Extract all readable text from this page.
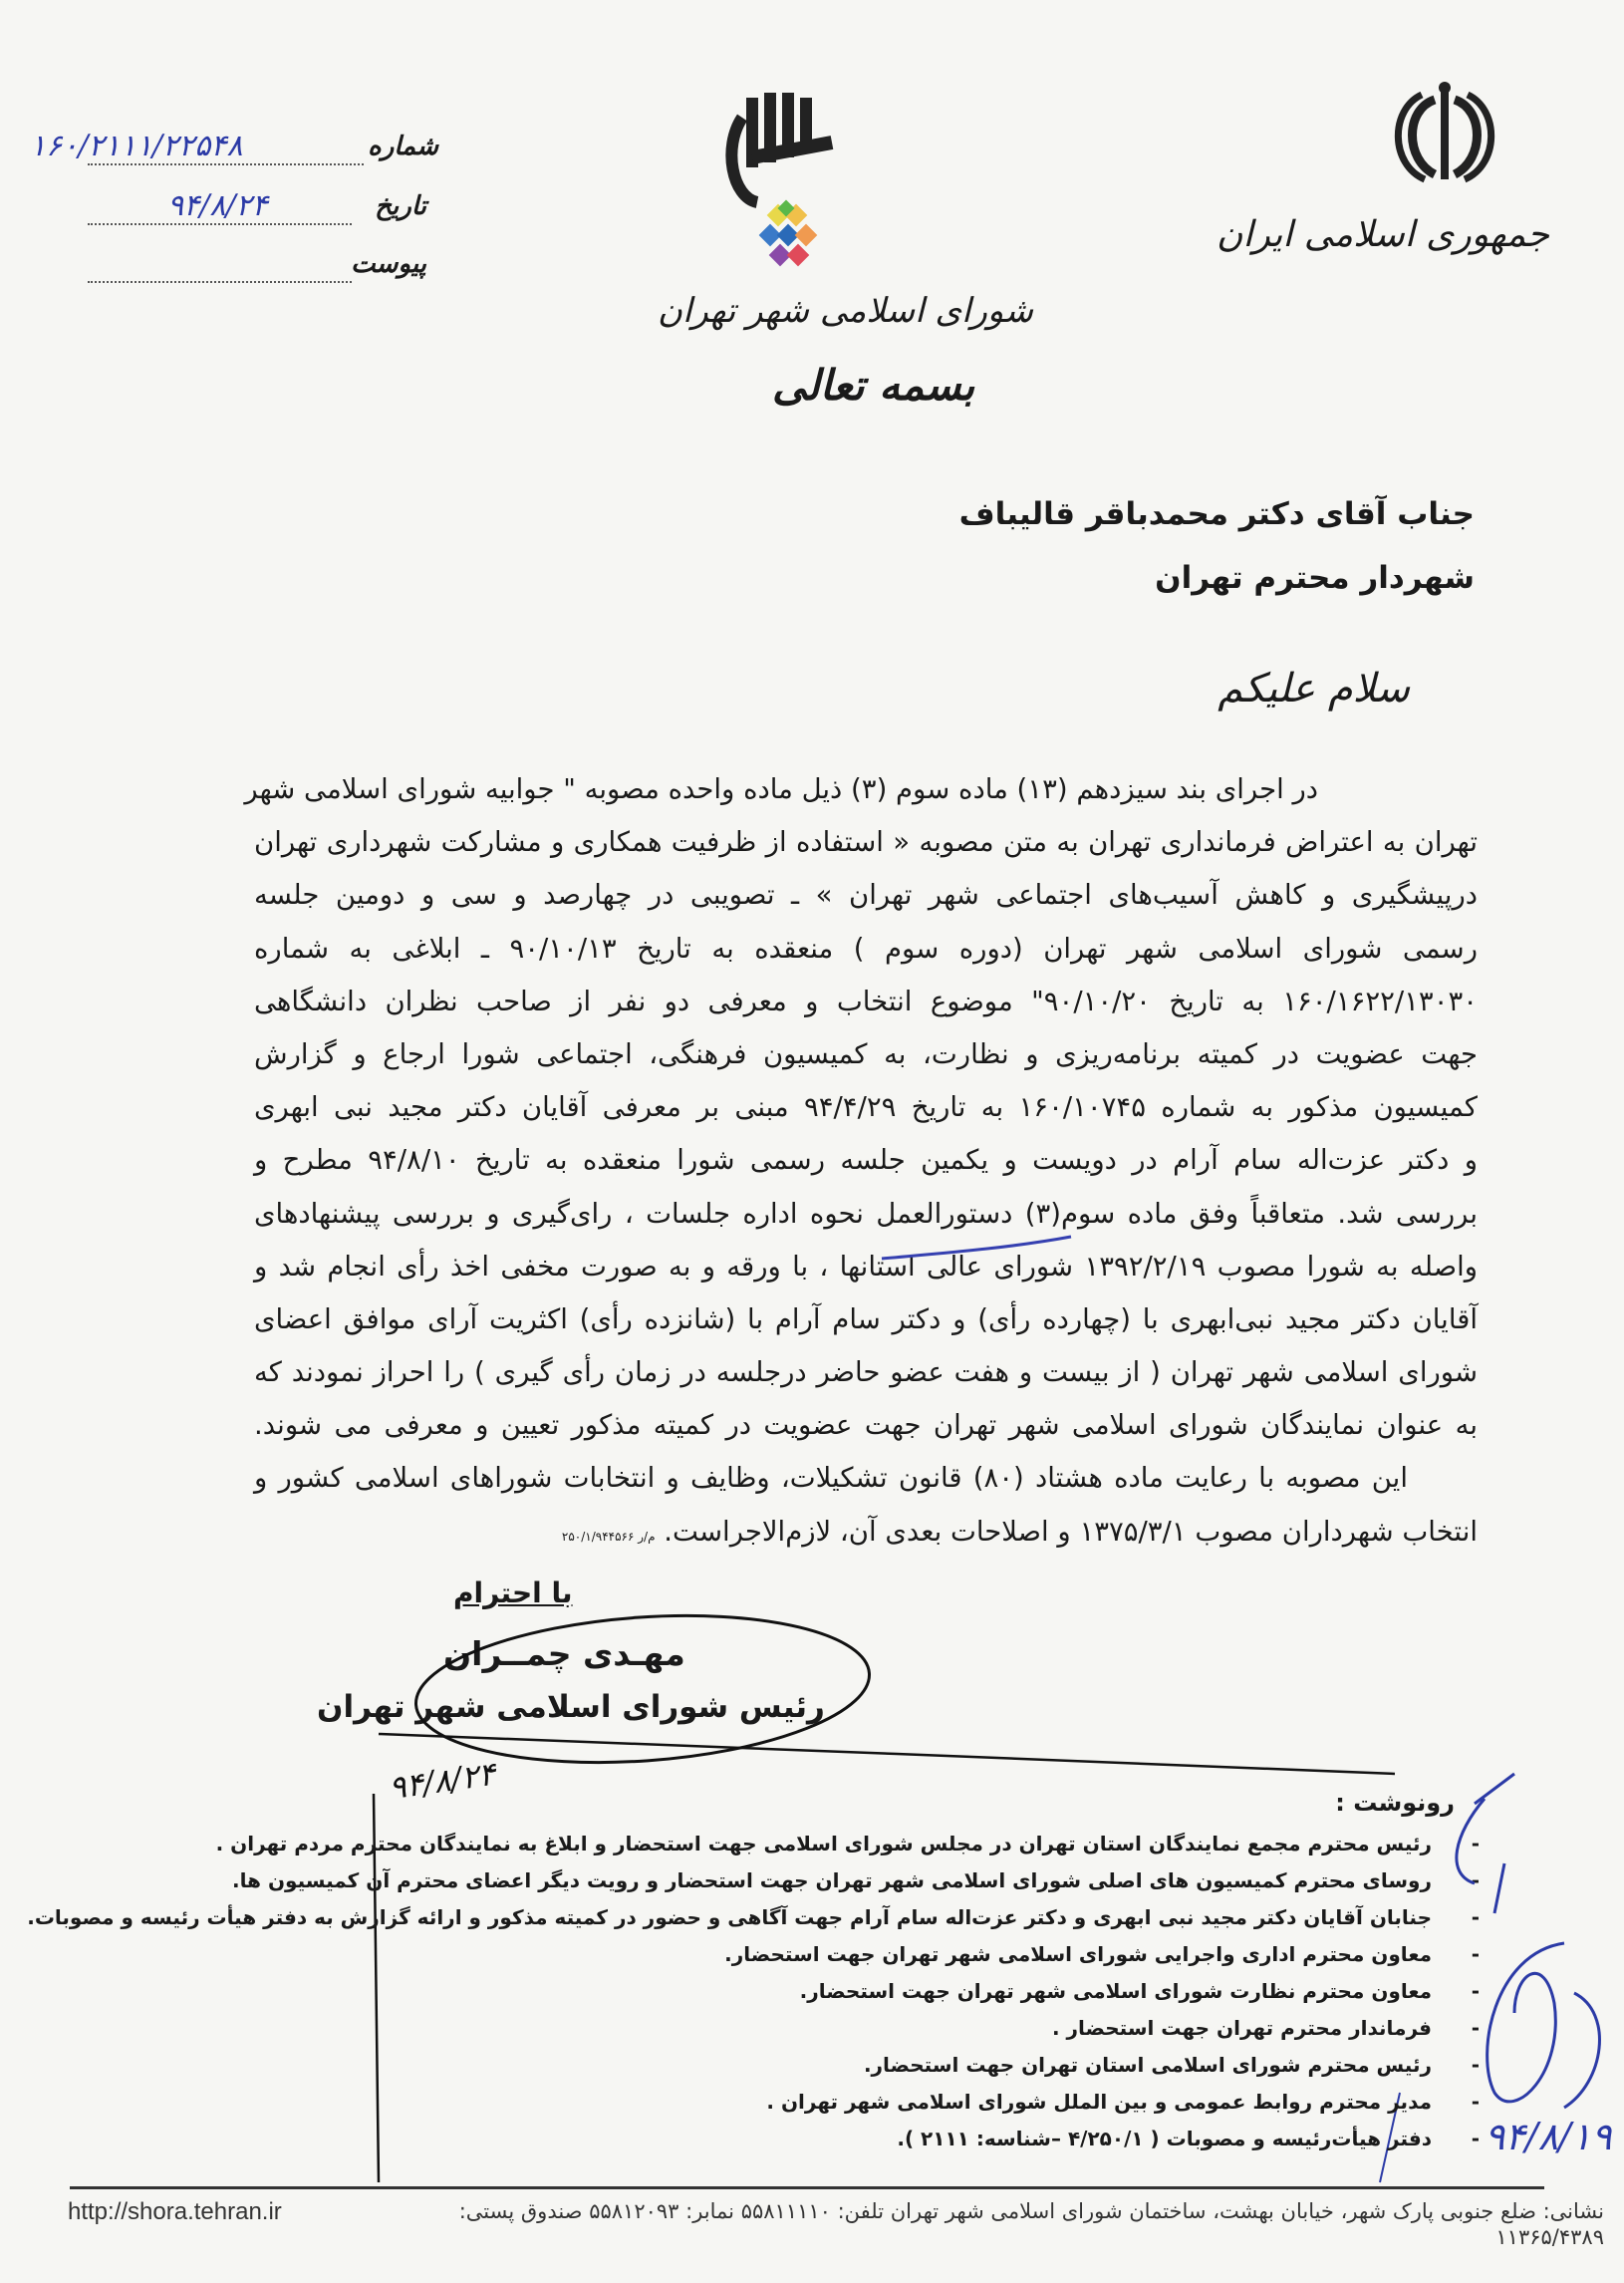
جمهوری اسلامی ایران
شورای اسلامی شهر تهران
بسمه تعالی
شماره
۱۶۰/۲۱۱۱/۲۲۵۴۸
تاریخ
۹۴/۸/۲۴
پیوست
جناب آقای دکتر محمدباقر قالیباف
شهردار محترم تهران
سلام علیکم
در اجرای بند سیزدهم (۱۳) ماده سوم (۳) ذیل ماده واحده مصوبه " جوابیه شورای اسلامی شهر
تهران به اعتراض فرمانداری تهران به متن مصوبه « استفاده از ظرفیت همکاری و مشارکت شهرداری تهران
درپیشگیری و کاهش آسیب‌های اجتماعی شهر تهران » ـ تصویبی در چهارصد و سی و دومین جلسه
رسمی شورای اسلامی شهر تهران (دوره سوم ) منعقده به تاریخ ۹۰/۱۰/۱۳ ـ ابلاغی به شماره
۱۶۰/۱۶۲۲/۱۳۰۳۰ به تاریخ ۹۰/۱۰/۲۰" موضوع انتخاب و معرفی دو نفر از صاحب نظران دانشگاهی
جهت عضویت در کمیته برنامه‌ریزی و نظارت، به کمیسیون فرهنگی، اجتماعی شورا ارجاع و گزارش
کمیسیون مذکور به شماره ۱۶۰/۱۰۷۴۵ به تاریخ ۹۴/۴/۲۹ مبنی بر معرفی آقایان دکتر مجید نبی ابهری
و دکتر عزت‌اله سام آرام در دویست و یکمین جلسه رسمی شورا منعقده به تاریخ ۹۴/۸/۱۰ مطرح و
بررسی شد. متعاقباً وفق ماده سوم(۳) دستورالعمل نحوه اداره جلسات ، رای‌گیری و بررسی پیشنهادهای
واصله به شورا مصوب ۱۳۹۲/۲/۱۹ شورای عالی استانها ، با ورقه و به صورت مخفی اخذ رأی انجام شد و
آقایان دکتر مجید نبی‌ابهری با (چهارده رأی) و دکتر سام آرام با (شانزده رأی) اکثریت آرای موافق اعضای
شورای اسلامی شهر تهران ( از بیست و هفت عضو حاضر درجلسه در زمان رأی گیری ) را احراز نمودند که
به عنوان نمایندگان شورای اسلامی شهر تهران جهت عضویت در کمیته مذکور تعیین و معرفی می شوند.
این مصوبه با رعایت ماده هشتاد (۸۰) قانون تشکیلات، وظایف و انتخابات شوراهای اسلامی کشور و
انتخاب شهرداران مصوب ۱۳۷۵/۳/۱ و اصلاحات بعدی آن، لازم‌الاجراست. م/ر ۲۵۰/۱/۹۴۴۵۶۶
با احترام
مهـدی چمــران
رئیس شورای اسلامی شهر تهران
۹۴/۸/۲۴	رونوشت :
-رئیس محترم مجمع نمایندگان استان تهران در مجلس شورای اسلامی جهت استحضار و ابلاغ به نمایندگان محترم مردم تهران .
-روسای محترم کمیسیون های اصلی شورای اسلامی شهر تهران جهت استحضار و رویت دیگر اعضای محترم آن کمیسیون ها.
-جنابان آقایان دکتر مجید نبی ابهری و دکتر عزت‌اله سام آرام جهت آگاهی و حضور در کمیته مذکور و ارائه گزارش به دفتر هیأت رئیسه و مصوبات.
-معاون محترم اداری واجرایی شورای اسلامی شهر تهران جهت استحضار.
-معاون محترم نظارت شورای اسلامی شهر تهران جهت استحضار.
-فرماندار محترم تهران جهت استحضار .
-رئیس محترم شورای اسلامی استان تهران جهت استحضار.
-مدیر محترم روابط عمومی و بین الملل شورای اسلامی شهر تهران .
-دفتر هیأت‌رئیسه و مصوبات ( ۴/۲۵۰/۱ –شناسه: ۲۱۱۱ ).	۹۴/۸/۱۹
نشانی: ضلع جنوبی پارک شهر، خیابان بهشت، ساختمان شورای اسلامی شهر تهران تلفن: ۵۵۸۱۱۱۱۰ نمابر: ۵۵۸۱۲۰۹۳ صندوق پستی: ۱۱۳۶۵/۴۳۸۹
http://shora.tehran.ir
